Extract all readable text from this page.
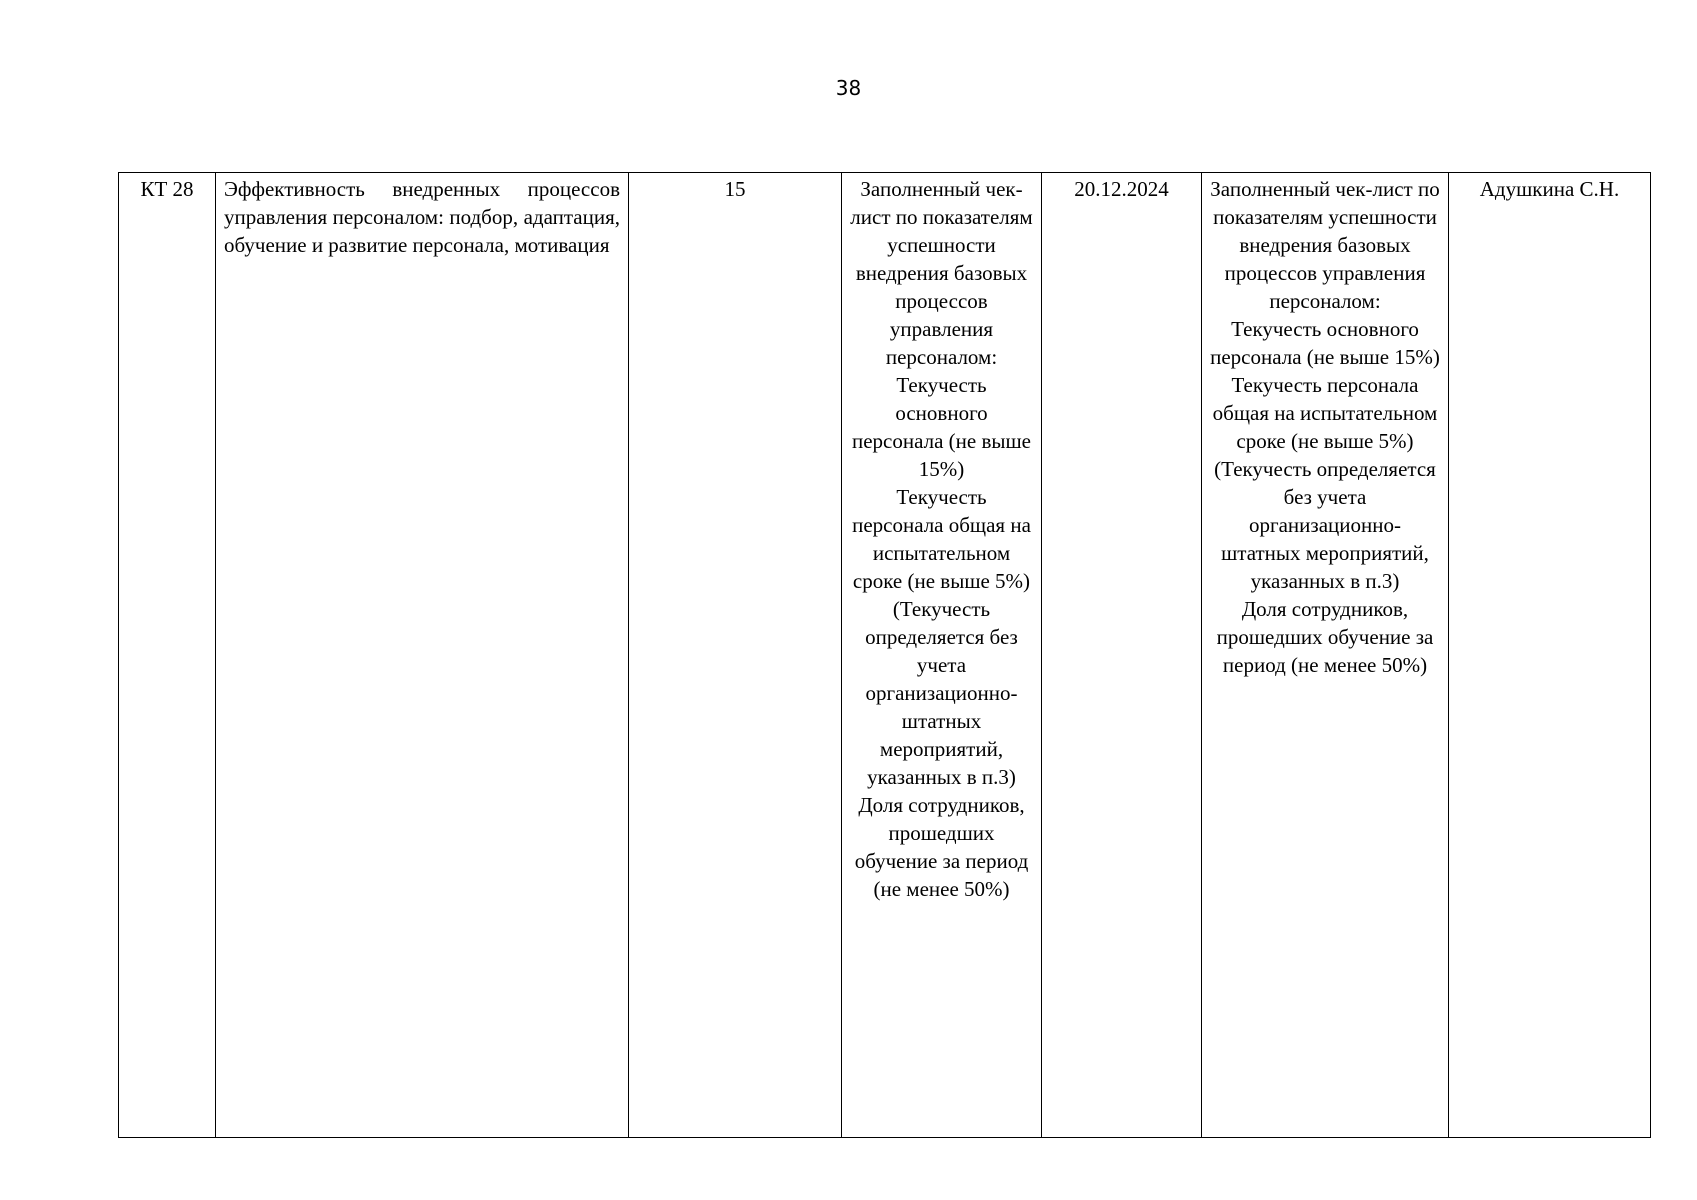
38
КТ 28	Эффективность внедренных процессов управления персоналом: подбор, адаптация, обучение и развитие персонала, мотивация	15	Заполненный чек-лист по показателям успешности внедрения базовых процессов управления персоналом:
Текучесть основного персонала (не выше 15%)
Текучесть персонала общая на испытательном сроке (не выше 5%)
(Текучесть определяется без учета организационно-штатных мероприятий, указанных в п.3)
Доля сотрудников, прошедших обучение за период (не менее 50%)
	20.12.2024	Заполненный чек-лист по показателям успешности внедрения базовых процессов управления персоналом:
Текучесть основного персонала (не выше 15%)
Текучесть персонала общая на испытательном сроке (не выше 5%)
(Текучесть определяется без учета организационно-штатных мероприятий, указанных в п.3)
Доля сотрудников, прошедших обучение за период (не менее 50%)
	Адушкина С.Н.
